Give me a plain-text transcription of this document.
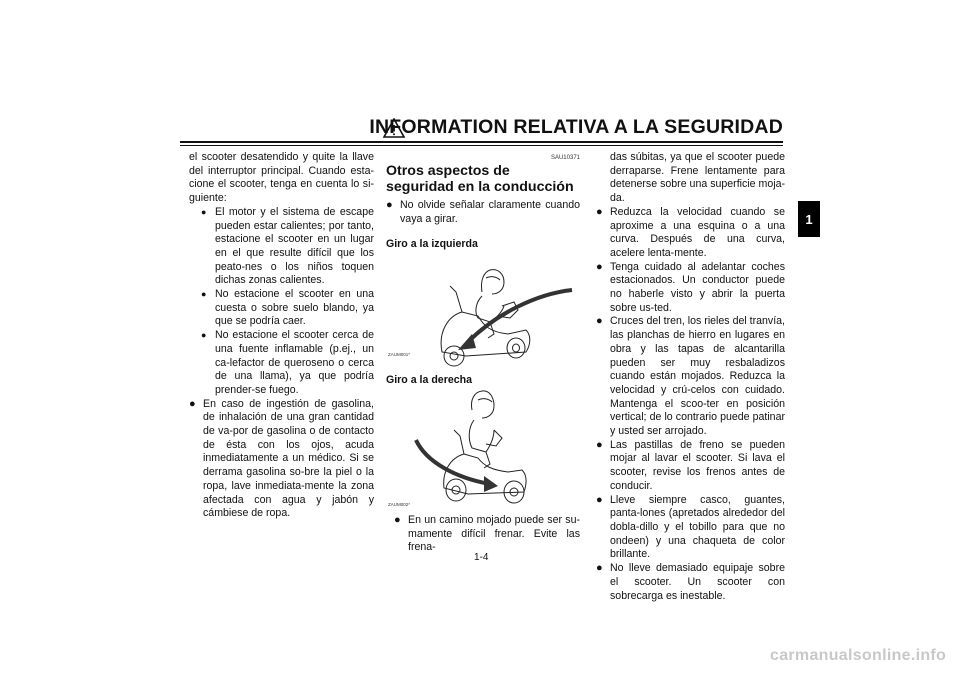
INFORMATION RELATIVA A LA SEGURIDAD
1

el scooter desatendido y quite la llave del interruptor principal. Cuando esta-cione el scooter, tenga en cuenta lo si-guiente:

● El motor y el sistema de escape pueden estar calientes; por tanto, estacione el scooter en un lugar en el que resulte difícil que los peato-nes o los niños toquen dichas zonas calientes.
● No estacione el scooter en una cuesta o sobre suelo blando, ya que se podría caer.
● No estacione el scooter cerca de una fuente inflamable (p.ej., un ca-lefactor de queroseno o cerca de una llama), ya que podría prender-se fuego.
● En caso de ingestión de gasolina, de inhalación de una gran cantidad de va-por de gasolina o de contacto de ésta con los ojos, acuda inmediatamente a un médico. Si se derrama gasolina so-bre la piel o la ropa, lave inmediata-mente la zona afectada con agua y jabón y cámbiese de ropa.
SAU10371
Otros aspectos de seguridad en la conducción
● No olvide señalar claramente cuando vaya a girar.
Giro a la izquierda
ZAUM001*
Giro a la derecha
ZAUM002*
● En un camino mojado puede ser su-mamente difícil frenar. Evite las frena-

das súbitas, ya que el scooter puede derraparse. Frene lentamente para detenerse sobre una superficie moja-da.

● Reduzca la velocidad cuando se aproxime a una esquina o a una curva. Después de una curva, acelere lenta-mente.
● Tenga cuidado al adelantar coches estacionados. Un conductor puede no haberle visto y abrir la puerta sobre us-ted.
● Cruces del tren, los rieles del tranvía, las planchas de hierro en lugares en obra y las tapas de alcantarilla pueden ser muy resbaladizos cuando están mojados. Reduzca la velocidad y crú-celos con cuidado. Mantenga el scoo-ter en posición vertical; de lo contrario puede patinar y usted ser arrojado.
● Las pastillas de freno se pueden mojar al lavar el scooter. Si lava el scooter, revise los frenos antes de conducir.
● Lleve siempre casco, guantes, panta-lones (apretados alrededor del dobla-dillo y el tobillo para que no ondeen) y una chaqueta de color brillante.
● No lleve demasiado equipaje sobre el scooter. Un scooter con sobrecarga es inestable.
1-4
carmanualsonline.info
